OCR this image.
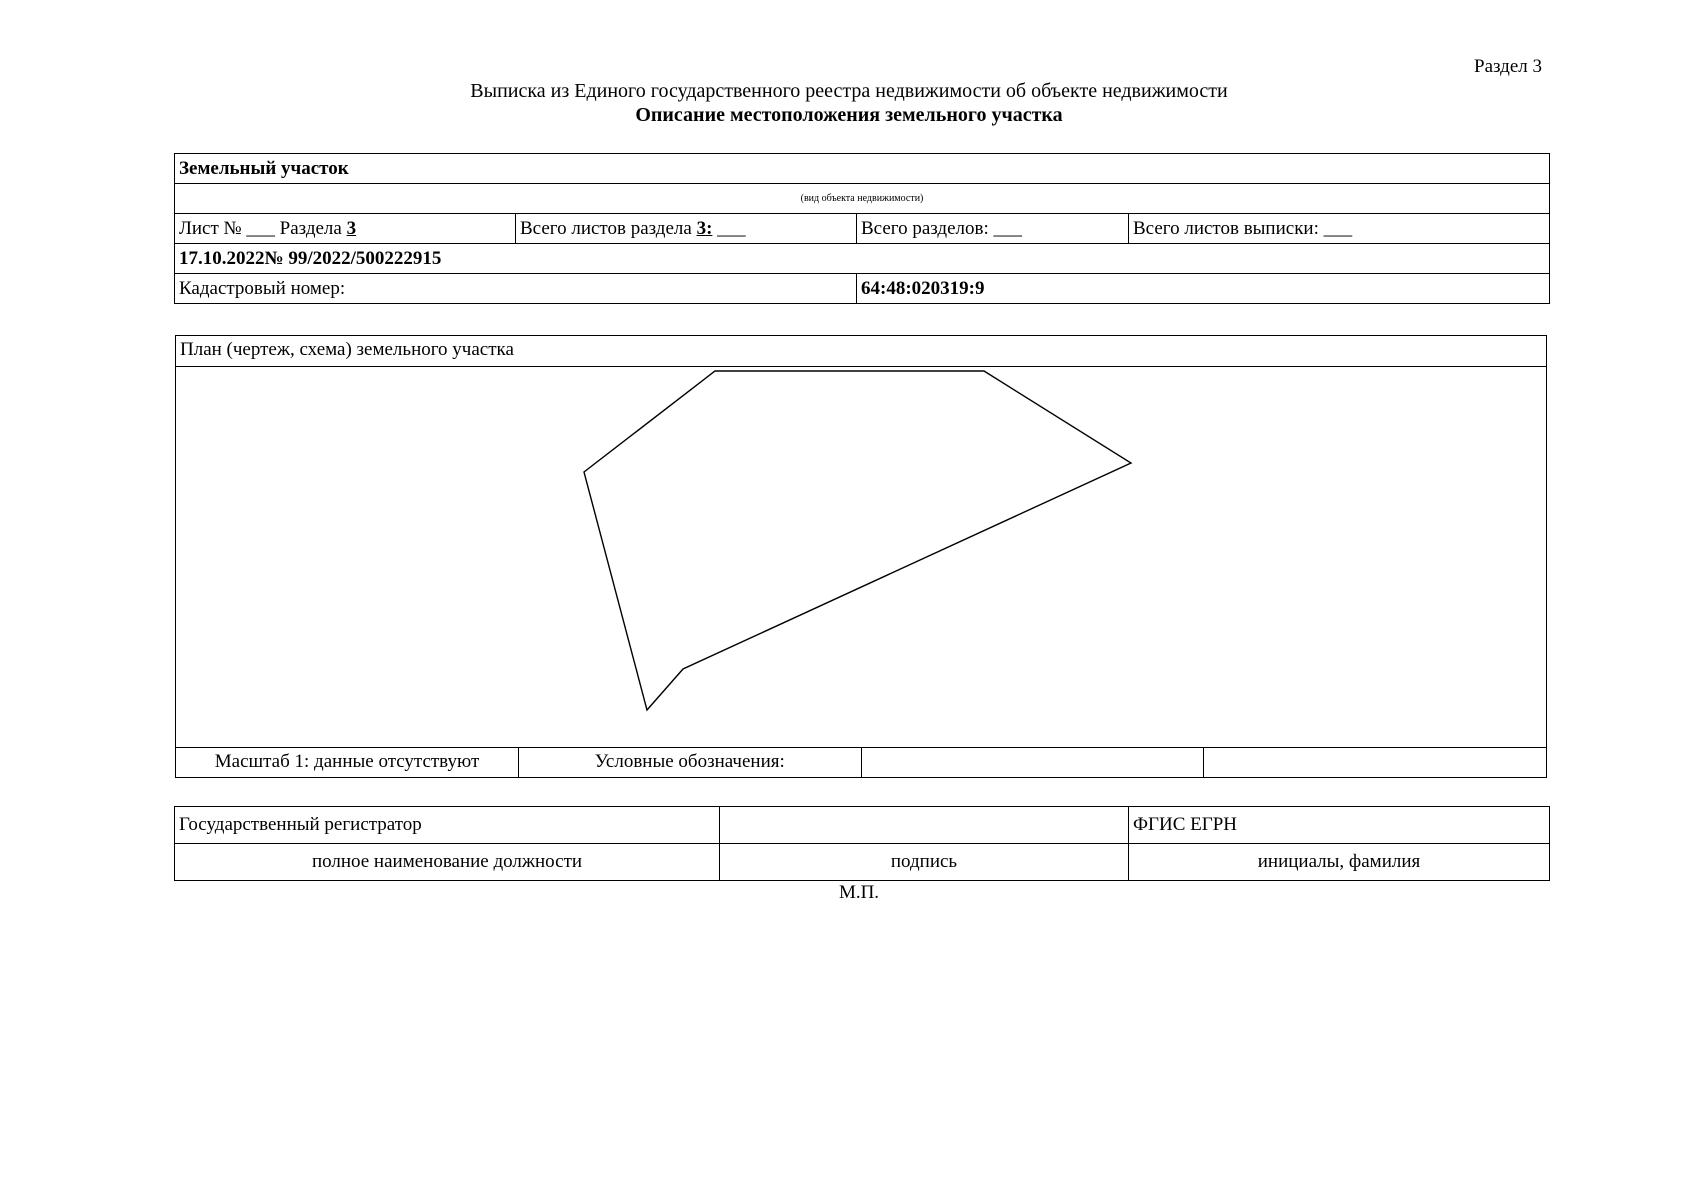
Раздел 3
Выписка из Единого государственного реестра недвижимости об объекте недвижимости
Описание местоположения земельного участка
Земельный участок			
(вид объекта недвижимости)			
Лист № ___ Раздела 3	Всего листов раздела 3: ___	Всего разделов: ___	Всего листов выписки: ___
17.10.2022№ 99/2022/500222915			
Кадастровый номер:		64:48:020319:9	
План (чертеж, схема) земельного участка
Масштаб 1: данные отсутствуют	Условные обозначения:		
Государственный регистратор		ФГИС ЕГРН
полное наименование должности	подпись	инициалы, фамилия
М.П.
